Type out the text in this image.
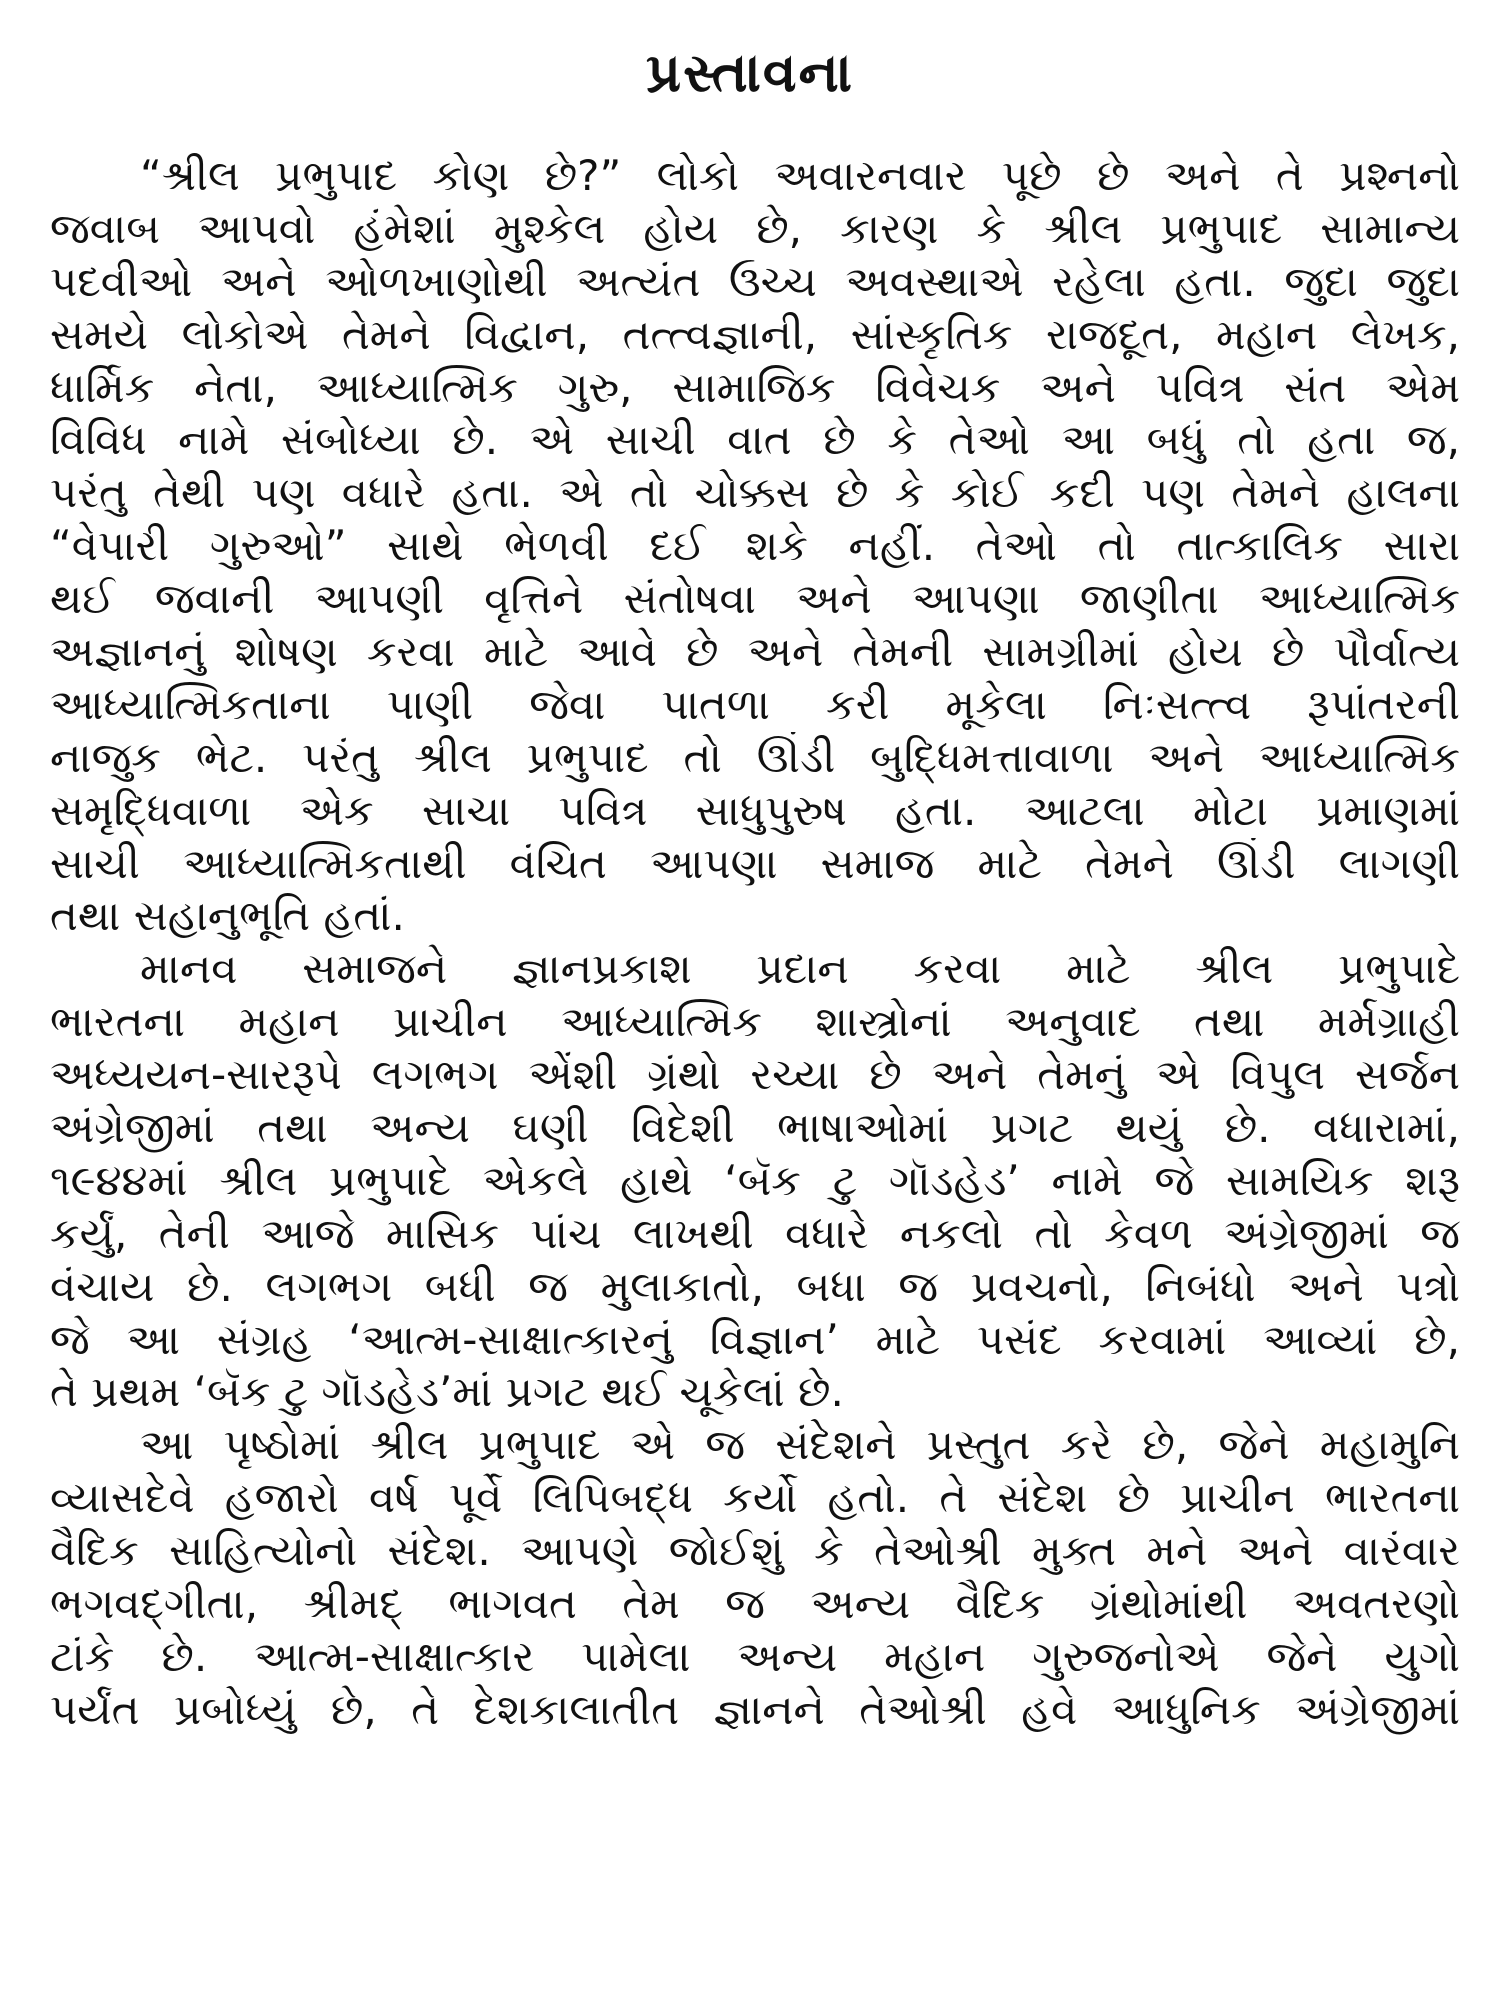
પ્રસ્તાવના
“શ્રીલ પ્રભુપાદ કોણ છે?” લોકો અવારનવાર પૂછે છે અને તે પ્રશ્નનો
જવાબ આપવો હંમેશાં મુશ્કેલ હોય છે, કારણ કે શ્રીલ પ્રભુપાદ સામાન્ય
પદવીઓ અને ઓળખાણોથી અત્યંત ઉચ્ચ અવસ્થાએ રહેલા હતા. જુદા જુદા
સમયે લોકોએ તેમને વિદ્વાન, તત્ત્વજ્ઞાની, સાંસ્કૃતિક રાજદૂત, મહાન લેખક,
ધાર્મિક નેતા, આધ્યાત્મિક ગુરુ, સામાજિક વિવેચક અને પવિત્ર સંત એમ
વિવિધ નામે સંબોધ્યા છે. એ સાચી વાત છે કે તેઓ આ બધું તો હતા જ,
પરંતુ તેથી પણ વધારે હતા. એ તો ચોક્કસ છે કે કોઈ કદી પણ તેમને હાલના
“વેપારી ગુરુઓ” સાથે ભેળવી દઈ શકે નહીં. તેઓ તો તાત્કાલિક સારા
થઈ જવાની આપણી વૃત્તિને સંતોષવા અને આપણા જાણીતા આધ્યાત્મિક
અજ્ઞાનનું શોષણ કરવા માટે આવે છે અને તેમની સામગ્રીમાં હોય છે પૌર્વાત્ય
આધ્યાત્મિકતાના પાણી જેવા પાતળા કરી મૂકેલા નિઃસત્ત્વ રૂપાંતરની
નાજુક ભેટ. પરંતુ શ્રીલ પ્રભુપાદ તો ઊંડી બુદ્ધિમત્તાવાળા અને આધ્યાત્મિક
સમૃદ્ધિવાળા એક સાચા પવિત્ર સાધુપુરુષ હતા. આટલા મોટા પ્રમાણમાં
સાચી આધ્યાત્મિકતાથી વંચિત આપણા સમાજ માટે તેમને ઊંડી લાગણી
તથા સહાનુભૂતિ હતાં.
માનવ સમાજને જ્ઞાનપ્રકાશ પ્રદાન કરવા માટે શ્રીલ પ્રભુપાદે
ભારતના મહાન પ્રાચીન આધ્યાત્મિક શાસ્ત્રોનાં અનુવાદ તથા મર્મગ્રાહી
અધ્યયન-સારરૂપે લગભગ એંશી ગ્રંથો રચ્યા છે અને તેમનું એ વિપુલ સર્જન
અંગ્રેજીમાં તથા અન્ય ઘણી વિદેશી ભાષાઓમાં પ્રગટ થયું છે. વધારામાં,
૧૯૪૪માં શ્રીલ પ્રભુપાદે એકલે હાથે ‘બૅક ટુ ગૉડહેડ’ નામે જે સામયિક શરૂ
કર્યું, તેની આજે માસિક પાંચ લાખથી વધારે નકલો તો કેવળ અંગ્રેજીમાં જ
વંચાય છે. લગભગ બધી જ મુલાકાતો, બધા જ પ્રવચનો, નિબંધો અને પત્રો
જે આ સંગ્રહ ‘આત્મ-સાક્ષાત્કારનું વિજ્ઞાન’ માટે પસંદ કરવામાં આવ્યાં છે,
તે પ્રથમ ‘બૅક ટુ ગૉડહેડ’માં પ્રગટ થઈ ચૂકેલાં છે.
આ પૃષ્ઠોમાં શ્રીલ પ્રભુપાદ એ જ સંદેશને પ્રસ્તુત કરે છે, જેને મહામુનિ
વ્યાસદેવે હજારો વર્ષ પૂર્વે લિપિબદ્ધ કર્યો હતો. તે સંદેશ છે પ્રાચીન ભારતના
વૈદિક સાહિત્યોનો સંદેશ. આપણે જોઈશું કે તેઓશ્રી મુક્ત મને અને વારંવાર
ભગવદ્ગીતા, શ્રીમદ્ ભાગવત તેમ જ અન્ય વૈદિક ગ્રંથોમાંથી અવતરણો
ટાંકે છે. આત્મ-સાક્ષાત્કાર પામેલા અન્ય મહાન ગુરુજનોએ જેને યુગો
પર્યંત પ્રબોધ્યું છે, તે દેશકાલાતીત જ્ઞાનને તેઓશ્રી હવે આધુનિક અંગ્રેજીમાં
